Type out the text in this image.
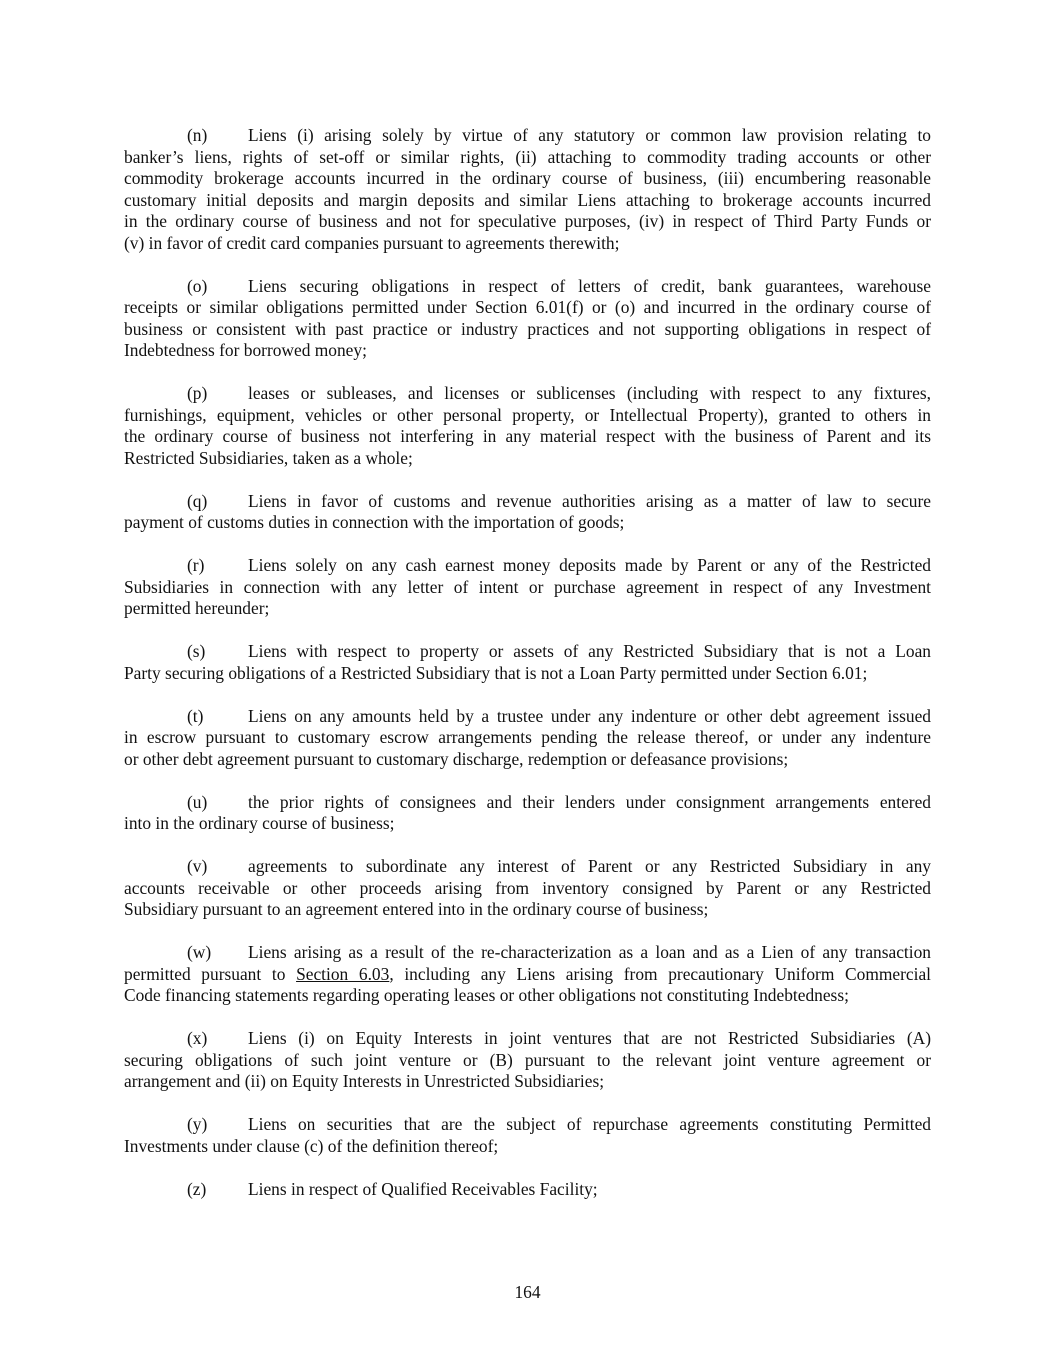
(n)	Liens (i) arising solely by virtue of any statutory or common law provision relating to
banker’s liens, rights of set-off or similar rights, (ii) attaching to commodity trading accounts or other
commodity brokerage accounts incurred in the ordinary course of business, (iii) encumbering reasonable
customary initial deposits and margin deposits and similar Liens attaching to brokerage accounts incurred
in the ordinary course of business and not for speculative purposes, (iv) in respect of Third Party Funds or
(v) in favor of credit card companies pursuant to agreements therewith;
(o)	Liens securing obligations in respect of letters of credit, bank guarantees, warehouse
receipts or similar obligations permitted under Section 6.01(f) or (o) and incurred in the ordinary course of
business or consistent with past practice or industry practices and not supporting obligations in respect of
Indebtedness for borrowed money;
(p)	leases or subleases, and licenses or sublicenses (including with respect to any fixtures,
furnishings, equipment, vehicles or other personal property, or Intellectual Property), granted to others in
the ordinary course of business not interfering in any material respect with the business of Parent and its
Restricted Subsidiaries, taken as a whole;
(q)	Liens in favor of customs and revenue authorities arising as a matter of law to secure
payment of customs duties in connection with the importation of goods;
(r)	Liens solely on any cash earnest money deposits made by Parent or any of the Restricted
Subsidiaries in connection with any letter of intent or purchase agreement in respect of any Investment
permitted hereunder;
(s)	Liens with respect to property or assets of any Restricted Subsidiary that is not a Loan
Party securing obligations of a Restricted Subsidiary that is not a Loan Party permitted under Section 6.01;
(t)	Liens on any amounts held by a trustee under any indenture or other debt agreement issued
in escrow pursuant to customary escrow arrangements pending the release thereof, or under any indenture
or other debt agreement pursuant to customary discharge, redemption or defeasance provisions;
(u)	the prior rights of consignees and their lenders under consignment arrangements entered
into in the ordinary course of business;
(v)	agreements to subordinate any interest of Parent or any Restricted Subsidiary in any
accounts receivable or other proceeds arising from inventory consigned by Parent or any Restricted
Subsidiary pursuant to an agreement entered into in the ordinary course of business;
(w)	Liens arising as a result of the re-characterization as a loan and as a Lien of any transaction
permitted pursuant to Section 6.03, including any Liens arising from precautionary Uniform Commercial
Code financing statements regarding operating leases or other obligations not constituting Indebtedness;
(x)	Liens (i) on Equity Interests in joint ventures that are not Restricted Subsidiaries (A)
securing obligations of such joint venture or (B) pursuant to the relevant joint venture agreement or
arrangement and (ii) on Equity Interests in Unrestricted Subsidiaries;
(y)	Liens on securities that are the subject of repurchase agreements constituting Permitted
Investments under clause (c) of the definition thereof;
(z)	Liens in respect of Qualified Receivables Facility;
164
